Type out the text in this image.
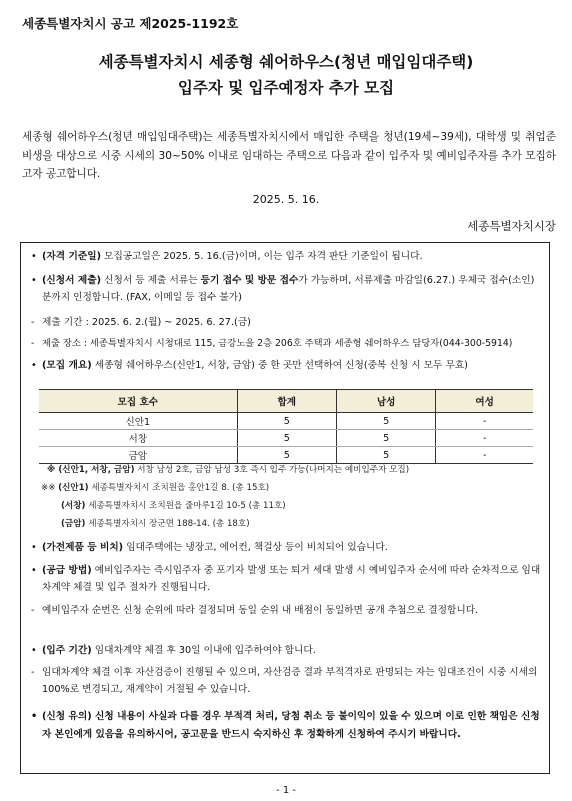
세종특별자치시 공고 제2025-1192호
세종특별자치시 세종형 쉐어하우스(청년 매입임대주택)
입주자 및 입주예정자 추가 모집
세종형 쉐어하우스(청년 매입임대주택)는 세종특별자치시에서 매입한 주택을 청년(19세~39세), 대학생 및 취업준비생을 대상으로 시중 시세의 30~50% 이내로 임대하는 주택으로 다음과 같이 입주자 및 예비입주자를 추가 모집하고자 공고합니다.
2025. 5. 16.
세종특별자치시장
• (자격 기준일) 모집공고일은 2025. 5. 16.(금)이며, 이는 입주 자격 판단 기준일이 됩니다.
• (신청서 제출) 신청서 등 제출 서류는 등기 접수 및 방문 접수가 가능하며, 서류제출 마감일(6.27.) 우체국 접수(소인)분까지 인정합니다. (FAX, 이메일 등 접수 불가)
- 제출 기간 : 2025. 6. 2.(월) ~ 2025. 6. 27.(금)
- 제출 장소 : 세종특별자치시 시청대로 115, 금강노을 2층 206호 주택과 세종형 쉐어하우스 담당자(044-300-5914)
• (모집 개요) 세종형 쉐어하우스(신안1, 서창, 금암) 중 한 곳만 선택하여 신청(중복 신청 시 모두 무효)
모집 호수	합계	남성	여성
신안1	5	5	-
서창	5	5	-
금암	5	5	-
※ (신안1, 서창, 금암) 서창 남성 2호, 금암 남성 3호 즉시 입주 가능(나머지는 예비입주자 모집)
※※ (신안1) 세종특별자치시 조치원읍 홍안1길 8. (총 15호)
(서창) 세종특별자치시 조치원읍 줄마루1길 10-5 (총 11호)
(금암) 세종특별자치시 장군면 188-14. (총 18호)
• (가전제품 등 비치) 임대주택에는 냉장고, 에어컨, 책걸상 등이 비치되어 있습니다.
• (공급 방법) 예비입주자는 즉시입주자 중 포기자 발생 또는 퇴거 세대 발생 시 예비입주자 순서에 따라 순차적으로 임대차계약 체결 및 입주 절차가 진행됩니다.
- 예비입주자 순번은 신청 순위에 따라 결정되며 동일 순위 내 배점이 동일하면 공개 추첨으로 결정합니다.
• (입주 기간) 임대차계약 체결 후 30일 이내에 입주하여야 합니다.
- 임대차계약 체결 이후 자산검증이 진행될 수 있으며, 자산검증 결과 부적격자로 판명되는 자는 임대조건이 시중 시세의 100%로 변경되고, 재계약이 거절될 수 있습니다.
• (신청 유의) 신청 내용이 사실과 다를 경우 부적격 처리, 당첨 취소 등 불이익이 있을 수 있으며 이로 인한 책임은 신청자 본인에게 있음을 유의하시어, 공고문을 반드시 숙지하신 후 정확하게 신청하여 주시기 바랍니다.
- 1 -
